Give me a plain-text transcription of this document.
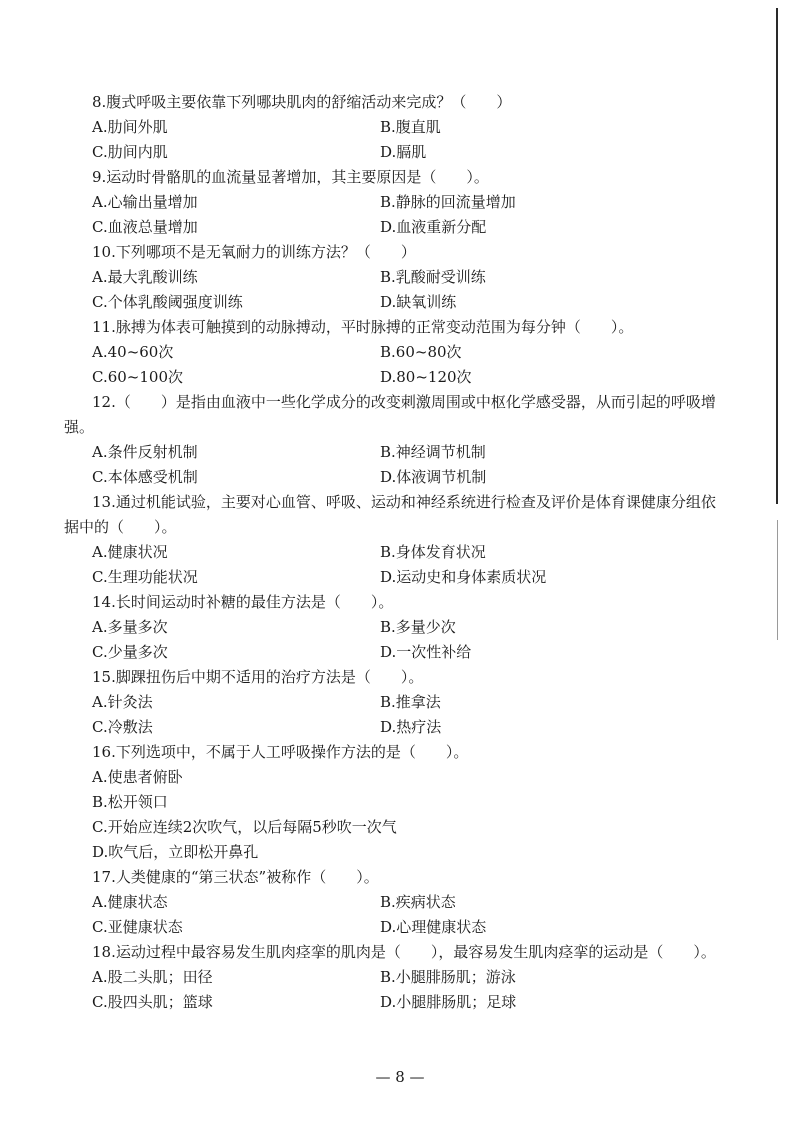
8.腹式呼吸主要依靠下列哪块肌肉的舒缩活动来完成？（　　）

A.肋间外肌	B.腹直肌
C.肋间内肌	D.膈肌

9.运动时骨骼肌的血流量显著增加，其主要原因是（　　）。

A.心输出量增加	B.静脉的回流量增加
C.血液总量增加	D.血液重新分配

10.下列哪项不是无氧耐力的训练方法？（　　）

A.最大乳酸训练	B.乳酸耐受训练
C.个体乳酸阈强度训练	D.缺氧训练

11.脉搏为体表可触摸到的动脉搏动，平时脉搏的正常变动范围为每分钟（　　）。

A.40~60次	B.60~80次
C.60~100次	D.80~120次

12.（　　）是指由血液中一些化学成分的改变刺激周围或中枢化学感受器，从而引起的呼吸增强。

A.条件反射机制	B.神经调节机制
C.本体感受机制	D.体液调节机制

13.通过机能试验，主要对心血管、呼吸、运动和神经系统进行检查及评价是体育课健康分组依据中的（　　）。

A.健康状况	B.身体发育状况
C.生理功能状况	D.运动史和身体素质状况

14.长时间运动时补糖的最佳方法是（　　）。

A.多量多次	B.多量少次
C.少量多次	D.一次性补给

15.脚踝扭伤后中期不适用的治疗方法是（　　）。

A.针灸法	B.推拿法
C.冷敷法	D.热疗法

16.下列选项中，不属于人工呼吸操作方法的是（　　）。

A.使患者俯卧
B.松开领口
C.开始应连续2次吹气，以后每隔5秒吹一次气
D.吹气后，立即松开鼻孔

17.人类健康的“第三状态”被称作（　　）。

A.健康状态	B.疾病状态
C.亚健康状态	D.心理健康状态

18.运动过程中最容易发生肌肉痉挛的肌肉是（　　），最容易发生肌肉痉挛的运动是（　　）。

A.股二头肌；田径	B.小腿腓肠肌；游泳
C.股四头肌；篮球	D.小腿腓肠肌；足球
— 8 —
